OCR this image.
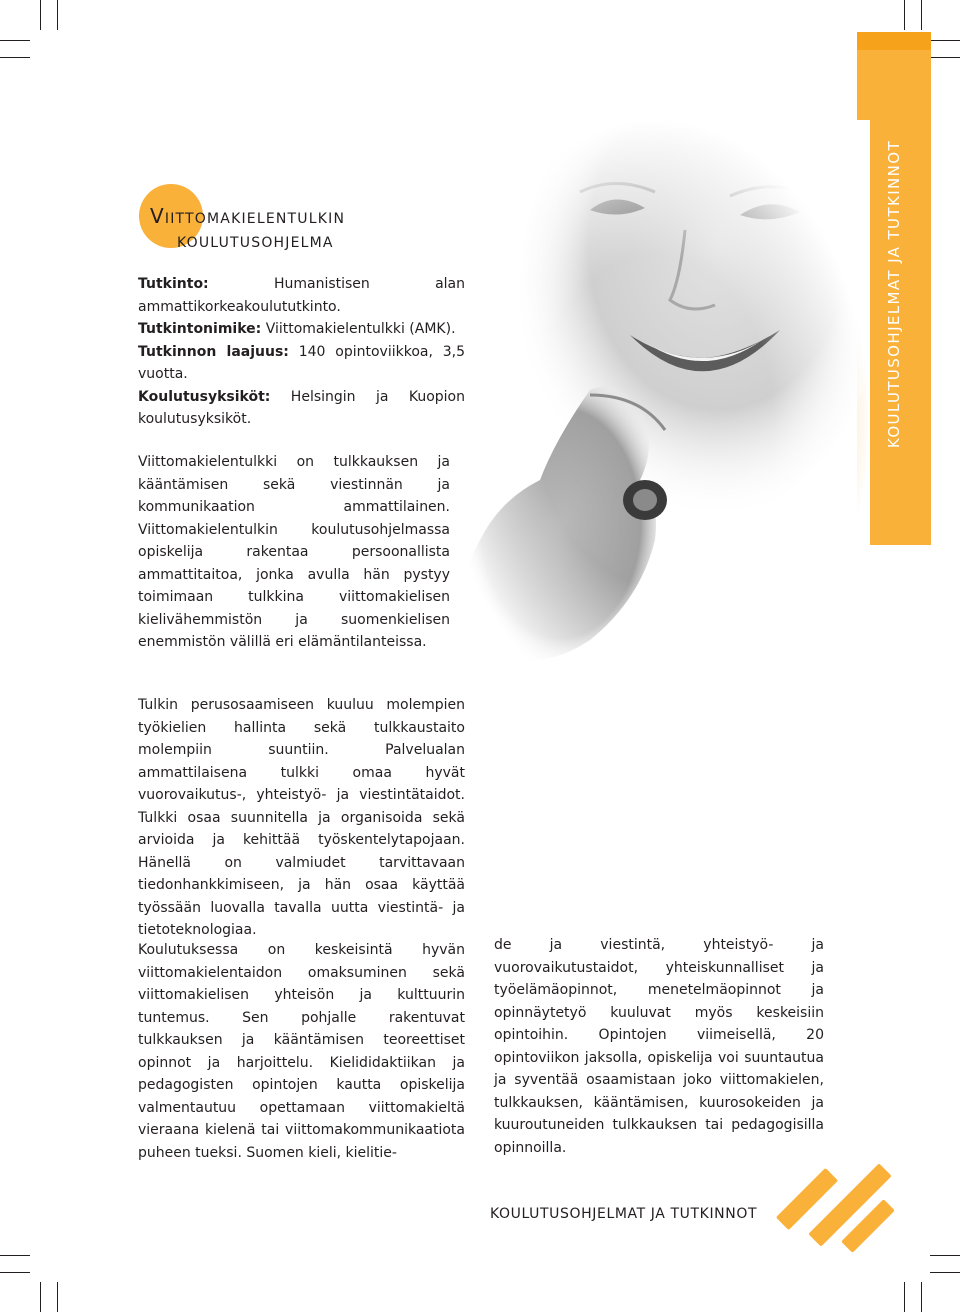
KOULUTUSOHJELMAT JA TUTKINNOT
Viittomakielentulkin
koulutusohjelma
Tutkinto:	Humanistisen alan ammattikorkeakoulututkinto.
Tutkintonimike: Viittomakielentulkki (AMK).
Tutkinnon laajuus: 140 opintoviikkoa, 3,5 vuotta.
Koulutusyksiköt: Helsingin ja Kuopion koulutusyksiköt.

Viittomakielentulkki on tulkkauksen ja kääntämisen sekä viestinnän ja kommunikaation ammattilainen. Viittomakielentulkin koulutusohjelmassa opiskelija rakentaa persoonallista ammattitaitoa, jonka avulla hän pystyy toimimaan tulkkina viittomakielisen kielivähemmistön ja suomenkielisen enemmistön välillä eri elämäntilanteissa.

Tulkin perusosaamiseen kuuluu molempien työkielien hallinta sekä tulkkaustaito molempiin suuntiin. Palvelualan ammattilaisena tulkki omaa hyvät vuorovaikutus-, yhteistyö- ja viestintätaidot. Tulkki osaa suunnitella ja organisoida sekä arvioida ja kehittää työskentelytapojaan. Hänellä on valmiudet tarvittavaan tiedonhankkimiseen, ja hän osaa käyttää työssään luovalla tavalla uutta viestintä- ja tietoteknologiaa.

Koulutuksessa on keskeisintä hyvän viittomakielentaidon omaksuminen sekä viittomakielisen yhteisön ja kulttuurin tuntemus. Sen pohjalle rakentuvat tulkkauksen ja kääntämisen teoreettiset opinnot ja harjoittelu. Kielididaktiikan ja pedagogisten opintojen kautta opiskelija valmentautuu opettamaan viittomakieltä vieraana kielenä tai viittomakommunikaatiota puheen tueksi. Suomen kieli, kielitie-

de ja viestintä, yhteistyö- ja vuorovaikutustaidot, yhteiskunnalliset ja työelämäopinnot, menetelmäopinnot ja opinnäytetyö kuuluvat myös keskeisiin opintoihin. Opintojen viimeisellä, 20 opintoviikon jaksolla, opiskelija voi suuntautua ja syventää osaamistaan joko viittomakielen, tulkkauksen, kääntämisen, kuurosokeiden ja kuuroutuneiden tulkkauksen tai pedagogisilla opinnoilla.

KOULUTUSOHJELMAT JA TUTKINNOT
